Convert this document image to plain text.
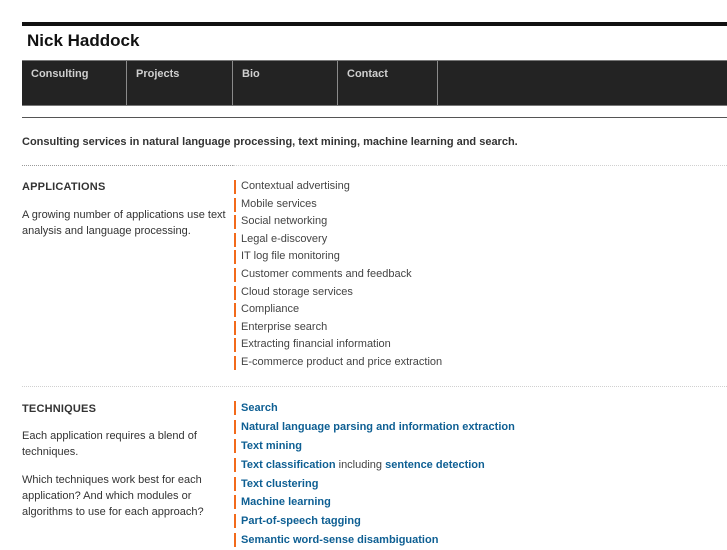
Nick Haddock
Consulting	Projects	Bio	Contact

Consulting services in natural language processing, text mining, machine learning and search.

APPLICATIONS

A growing number of applications use text analysis and language processing.

Contextual advertising
Mobile services
Social networking
Legal e-discovery
IT log file monitoring
Customer comments and feedback
Cloud storage services
Compliance
Enterprise search
Extracting financial information
E-commerce product and price extraction
TECHNIQUES

Each application requires a blend of techniques.

Which techniques work best for each application? And which modules or algorithms to use for each approach?

Search
Natural language parsing and information extraction
Text mining
Text classification including sentence detection
Text clustering
Machine learning
Part-of-speech tagging
Semantic word-sense disambiguation
